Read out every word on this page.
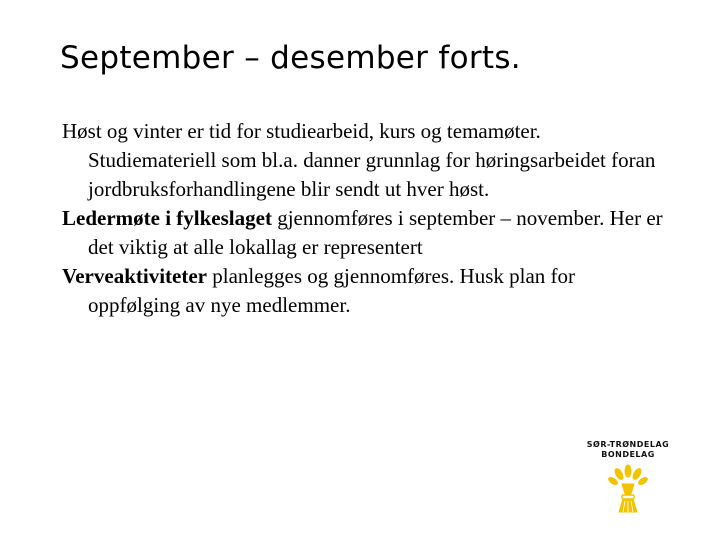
September – desember forts.

Høst og vinter er tid for studiearbeid, kurs og temamøter. Studiemateriell som bl.a. danner grunnlag for høringsarbeidet foran jordbruksforhandlingene blir sendt ut hver høst.

Ledermøte i fylkeslaget gjennomføres i september – november. Her er det viktig at alle lokallag er representert

Verveaktiviteter planlegges og gjennomføres. Husk plan for oppfølging av nye medlemmer.

SØR-TRØNDELAG
BONDELAG
